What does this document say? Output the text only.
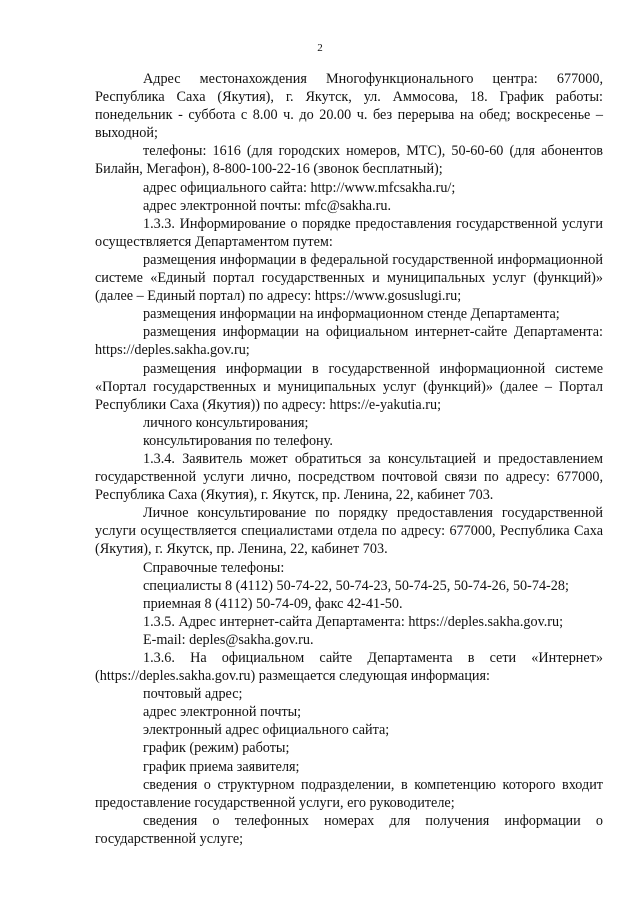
2

Адрес местонахождения Многофункционального центра: 677000, Республика Саха (Якутия), г. Якутск, ул. Аммосова, 18. График работы: понедельник - суббота с 8.00 ч. до 20.00 ч. без перерыва на обед; воскресенье – выходной;

телефоны: 1616 (для городских номеров, МТС), 50-60-60 (для абонентов Билайн, Мегафон), 8-800-100-22-16 (звонок бесплатный);

адрес официального сайта: http://www.mfcsakha.ru/;

адрес электронной почты: mfc@sakha.ru.

1.3.3. Информирование о порядке предоставления государственной услуги осуществляется Департаментом путем:

размещения информации в федеральной государственной информационной системе «Единый портал государственных и муниципальных услуг (функций)» (далее – Единый портал) по адресу: https://www.gosuslugi.ru;

размещения информации на информационном стенде Департамента;

размещения информации на официальном интернет-сайте Департамента: https://deples.sakha.gov.ru;

размещения информации в государственной информационной системе «Портал государственных и муниципальных услуг (функций)» (далее – Портал Республики Саха (Якутия)) по адресу: https://e-yakutia.ru;

личного консультирования;

консультирования по телефону.

1.3.4. Заявитель может обратиться за консультацией и предоставлением государственной услуги лично, посредством почтовой связи по адресу: 677000, Республика Саха (Якутия), г. Якутск, пр. Ленина, 22, кабинет 703.

Личное консультирование по порядку предоставления государственной услуги осуществляется специалистами отдела по адресу: 677000, Республика Саха (Якутия), г. Якутск, пр. Ленина, 22, кабинет 703.

Справочные телефоны:

специалисты 8 (4112) 50-74-22, 50-74-23, 50-74-25, 50-74-26, 50-74-28;

приемная 8 (4112) 50-74-09, факс 42-41-50.

1.3.5. Адрес интернет-сайта Департамента: https://deples.sakha.gov.ru;

E-mail: deples@sakha.gov.ru.

1.3.6. На официальном сайте Департамента в сети «Интернет» (https://deples.sakha.gov.ru) размещается следующая информация:

почтовый адрес;

адрес электронной почты;

электронный адрес официального сайта;

график (режим) работы;

график приема заявителя;

сведения о структурном подразделении, в компетенцию которого входит предоставление государственной услуги, его руководителе;

сведения о телефонных номерах для получения информации о государственной услуге;
